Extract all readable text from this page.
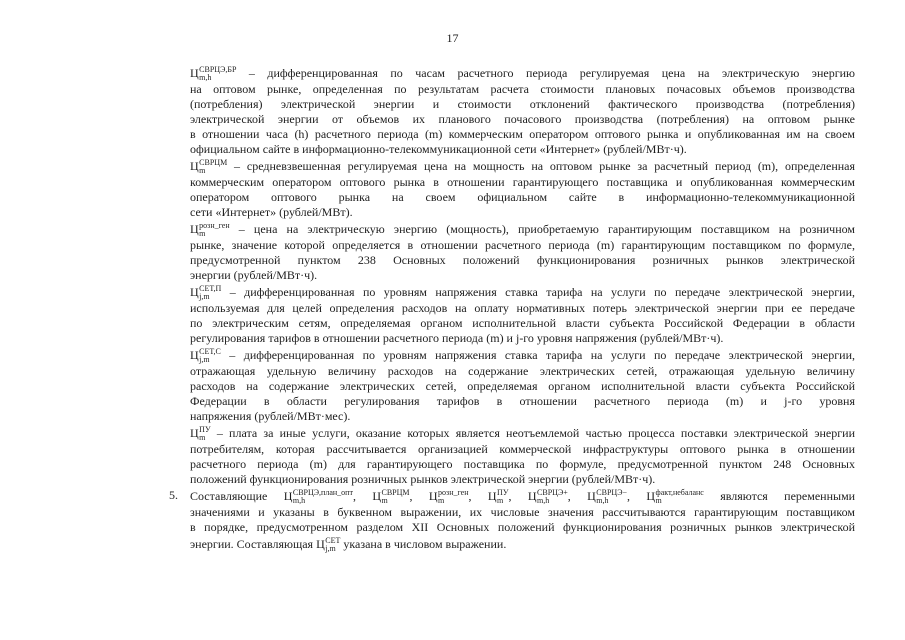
17
Ц СВРЦЭ,БР
m,h	– дифференцированная по часам расчетного периода регулируемая цена на электрическую энергию
на оптовом рынке, определенная по результатам расчета стоимости плановых почасовых объемов производства
(потребления) электрической энергии и стоимости отклонений фактического производства (потребления)
электрической энергии от объемов их планового почасового производства (потребления) на оптовом рынке
в отношении часа (h) расчетного периода (m) коммерческим оператором оптового рынка и опубликованная им на своем
официальном сайте в информационно-телекоммуникационной сети «Интернет» (рублей/МВт·ч).
Ц СВРЦМ
m	– средневзвешенная регулируемая цена на мощность на оптовом рынке за расчетный период (m), определенная
коммерческим оператором оптового рынка в отношении гарантирующего поставщика и опубликованная коммерческим
оператором оптового рынка на своем официальном сайте в информационно-телекоммуникационной
сети «Интернет» (рублей/МВт).
Ц розн_ген
m	– цена на электрическую энергию (мощность), приобретаемую гарантирующим поставщиком на розничном
рынке, значение которой определяется в отношении расчетного периода (m) гарантирующим поставщиком по формуле,
предусмотренной пунктом 238 Основных положений функционирования розничных рынков электрической
энергии (рублей/МВт·ч).
Ц СЕТ,П
j,m	– дифференцированная по уровням напряжения ставка тарифа на услуги по передаче электрической энергии,
используемая для целей определения расходов на оплату нормативных потерь электрической энергии при ее передаче
по электрическим сетям, определяемая органом исполнительной власти субъекта Российской Федерации в области
регулирования тарифов в отношении расчетного периода (m) и j-го уровня напряжения (рублей/МВт·ч).
Ц СЕТ,С
j,m	– дифференцированная по уровням напряжения ставка тарифа на услуги по передаче электрической энергии,
отражающая удельную величину расходов на содержание электрических сетей, отражающая удельную величину
расходов на содержание электрических сетей, определяемая органом исполнительной власти субъекта Российской
Федерации в области регулирования тарифов в отношении расчетного периода (m) и j-го уровня
напряжения (рублей/МВт·мес).
Ц ПУ
m – плата за иные услуги, оказание которых является неотъемлемой частью процесса поставки электрической энергии
потребителям, которая рассчитывается организацией коммерческой инфраструктуры оптового рынка в отношении
расчетного периода (m) для гарантирующего поставщика по формуле, предусмотренной пунктом 248 Основных
положений функционирования розничных рынков электрической энергии (рублей/МВт·ч).
5. Составляющие Ц СВРЦЭ,план_опт
m,h	, Ц СВРЦМ
m	, Ц розн_ген
m	, Ц ПУ
m , Ц СВРЦЭ+
m,h	, Ц СВРЦЭ−
m,h	, Ц факт,небаланс
m	являются переменными
значениями и указаны в буквенном выражении, их числовые значения рассчитываются гарантирующим поставщиком
в порядке, предусмотренном разделом XII Основных положений функционирования розничных рынков электрической
энергии. Составляющая Ц СЕТ
j,m указана в числовом выражении.
